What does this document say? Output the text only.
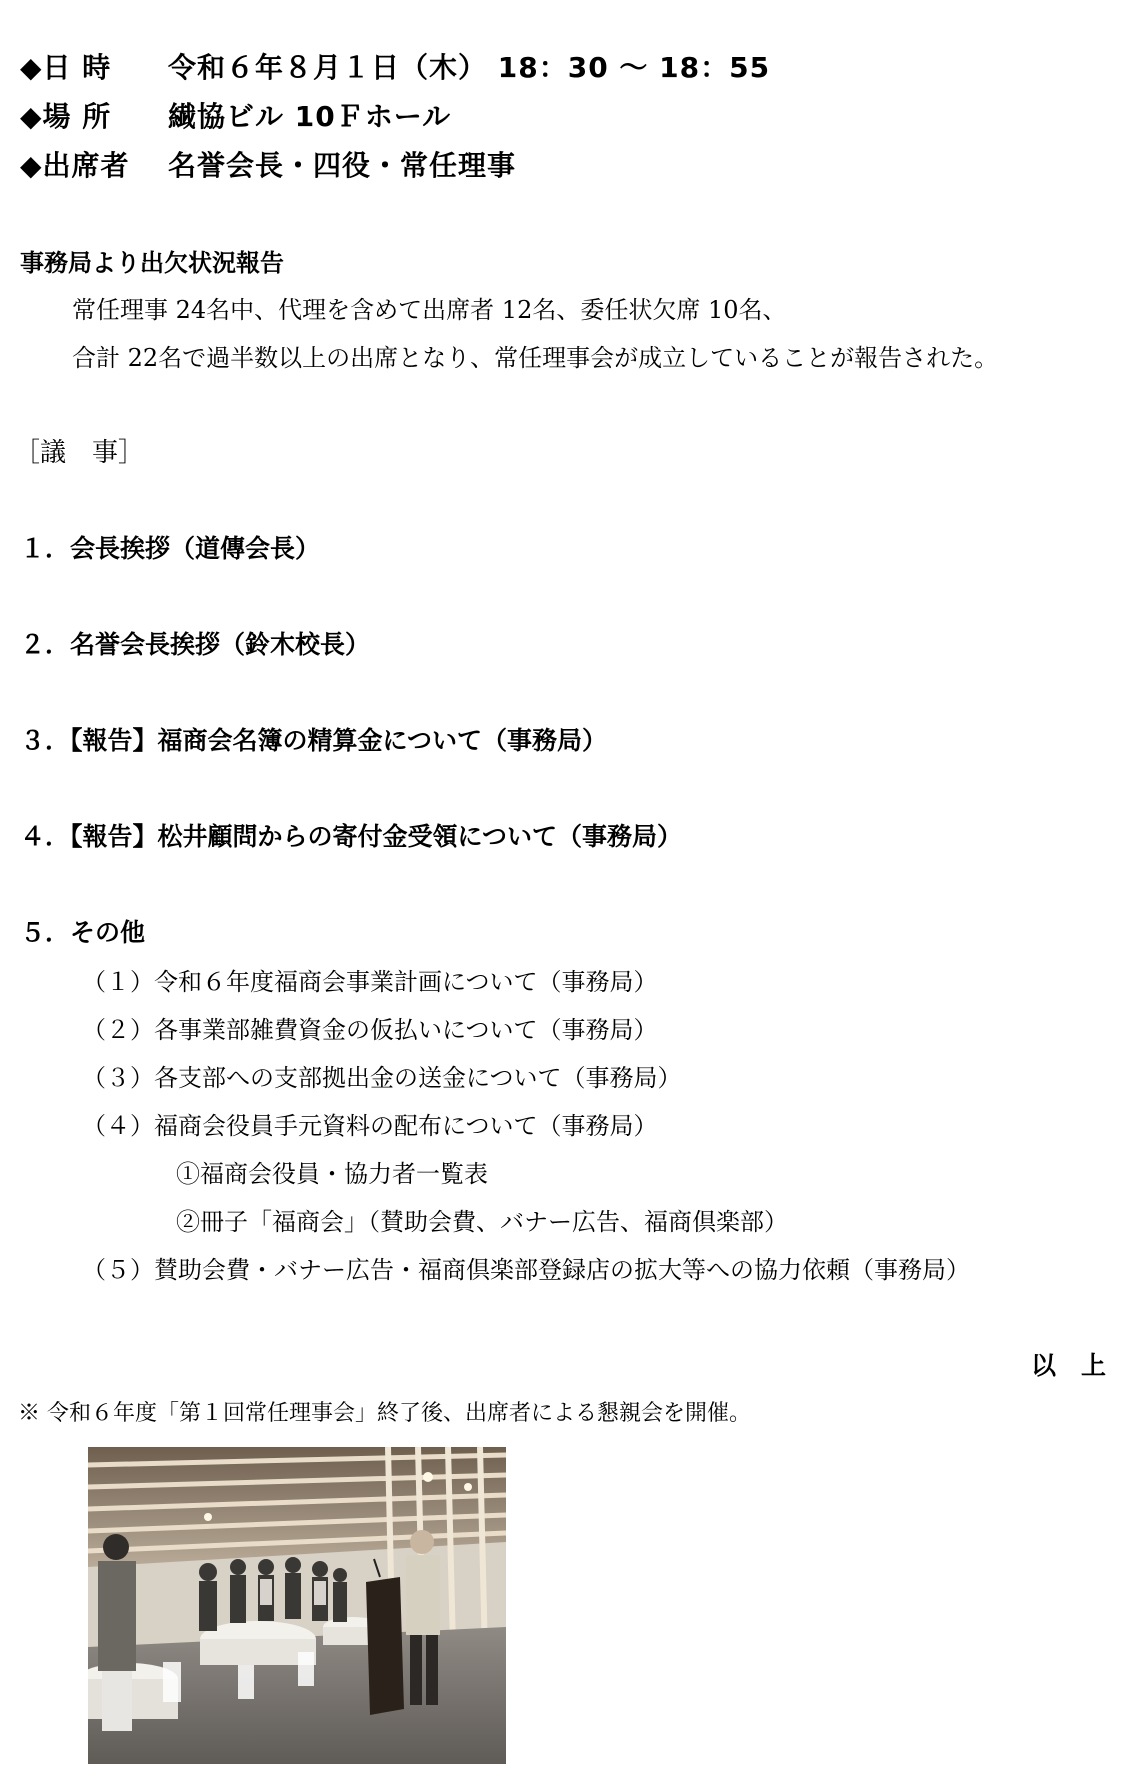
◆日 時 令和６年８月１日（木） 18：30 ～ 18：55
◆場 所 繊協ビル 10Ｆホール
◆出席者 名誉会長・四役・常任理事
事務局より出欠状況報告
常任理事 24名中、代理を含めて出席者 12名、委任状欠席 10名、
合計 22名で過半数以上の出席となり、常任理事会が成立していることが報告された。
［議　事］
１．会長挨拶（道傳会長）
２．名誉会長挨拶（鈴木校長）
３．【報告】福商会名簿の精算金について（事務局）
４．【報告】松井顧問からの寄付金受領について（事務局）
５．その他
（１）令和６年度福商会事業計画について（事務局）
（２）各事業部雑費資金の仮払いについて（事務局）
（３）各支部への支部拠出金の送金について（事務局）
（４）福商会役員手元資料の配布について（事務局）
①福商会役員・協力者一覧表
②冊子「福商会」（賛助会費、バナー広告、福商倶楽部）
（５）賛助会費・バナー広告・福商倶楽部登録店の拡大等への協力依頼（事務局）
以　上
※ 令和６年度「第１回常任理事会」終了後、出席者による懇親会を開催。
